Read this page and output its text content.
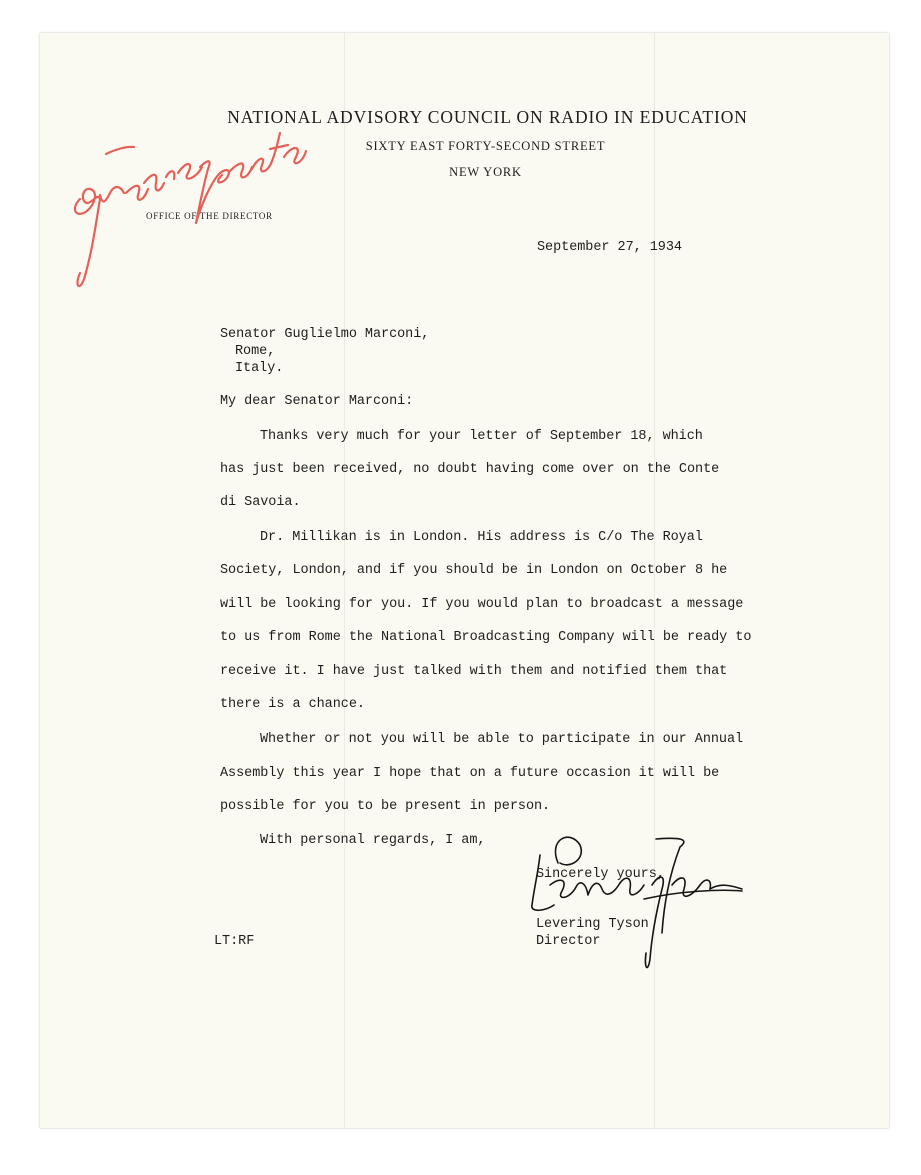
NATIONAL ADVISORY COUNCIL ON RADIO IN EDUCATION
SIXTY EAST FORTY-SECOND STREET
NEW YORK
OFFICE OF THE DIRECTOR
September 27, 1934
Senator Guglielmo Marconi,
Rome,
Italy.
My dear Senator Marconi:
Thanks very much for your letter of September 18, which
has just been received, no doubt having come over on the Conte
di Savoia.
Dr. Millikan is in London. His address is C/o The Royal
Society, London, and if you should be in London on October 8 he
will be looking for you. If you would plan to broadcast a message
to us from Rome the National Broadcasting Company will be ready to
receive it. I have just talked with them and notified them that
there is a chance.
Whether or not you will be able to participate in our Annual
Assembly this year I hope that on a future occasion it will be
possible for you to be present in person.
With personal regards, I am,
Sincerely yours,
Levering Tyson
Director
LT:RF
